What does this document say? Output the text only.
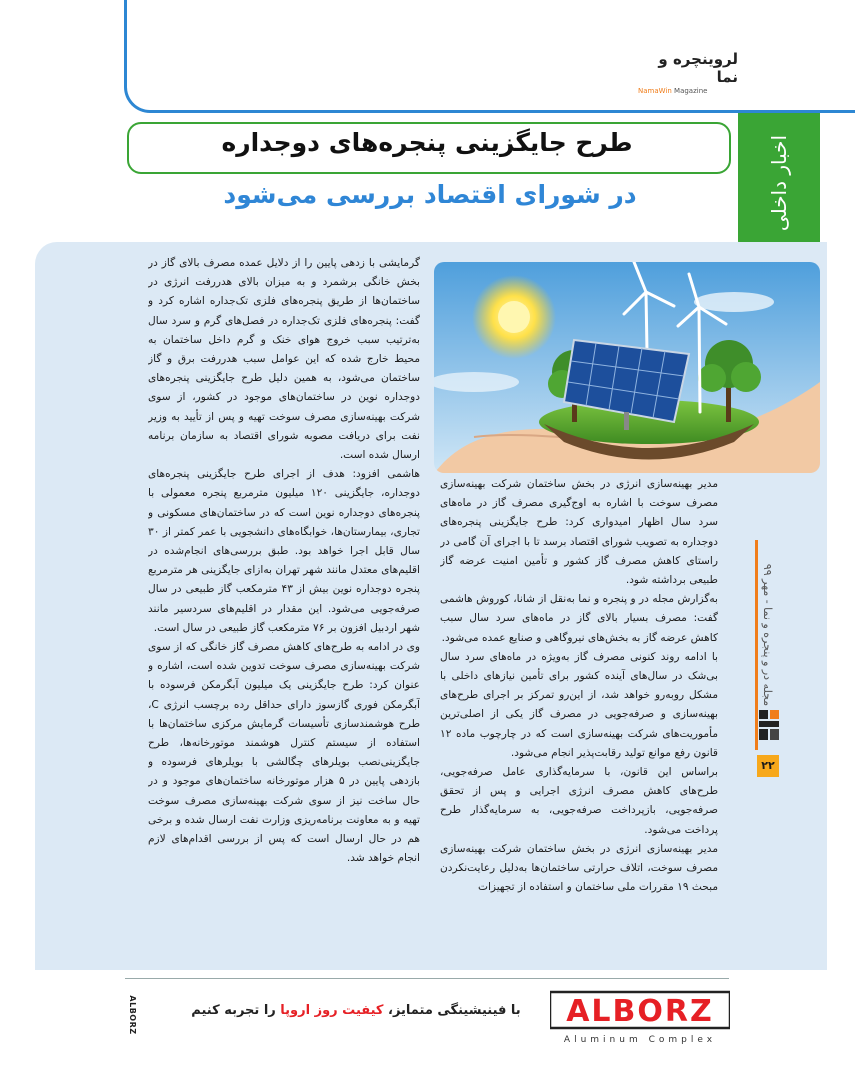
لروینچره و نما
NamaWin Magazine
اخبار داخلی
طرح جایگزینی پنجره‌های دوجداره
در شورای اقتصاد بررسی می‌شود

گرمایشی با زدهی پایین را از دلایل عمده مصرف بالای گاز در بخش خانگی برشمرد و به میزان بالای هدررفت انرژی در ساختمان‌ها از طریق پنجره‌های فلزی تک‌جداره اشاره کرد و گفت: پنجره‌های فلزی تک‌جداره در فصل‌های گرم و سرد سال به‌ترتیب سبب خروج هوای خنک و گرم داخل ساختمان به محیط خارج شده که این عوامل سبب هدررفت برق و گاز ساختمان می‌شود، به همین دلیل طرح جایگزینی پنجره‌های دوجداره نوین در ساختمان‌های موجود در کشور، از سوی شرکت بهینه‌سازی مصرف سوخت تهیه و پس از تأیید به وزیر نفت برای دریافت مصوبه شورای اقتصاد به سازمان برنامه ارسال شده است.

هاشمی افزود: هدف از اجرای طرح جایگزینی پنجره‌های دوجداره، جایگزینی ۱۲۰ میلیون مترمربع پنجره معمولی با پنجره‌های دوجداره نوین است که در ساختمان‌های مسکونی و تجاری، بیمارستان‌ها، خوابگاه‌های دانشجویی با عمر کمتر از ۳۰ سال قابل اجرا خواهد بود. طبق بررسی‌های انجام‌شده در اقلیم‌های معتدل مانند شهر تهران به‌ازای جایگزینی هر مترمربع پنجره دوجداره نوین بیش از ۴۳ مترمکعب گاز طبیعی در سال صرفه‌جویی می‌شود. این مقدار در اقلیم‌های سردسیر مانند شهر اردبیل افزون بر ۷۶ مترمکعب گاز طبیعی در سال است.

وی در ادامه به طرح‌های کاهش مصرف گاز خانگی که از سوی شرکت بهینه‌سازی مصرف سوخت تدوین شده است، اشاره و عنوان کرد: طرح جایگزینی یک میلیون آبگرمکن فرسوده با آبگرمکن فوری گازسوز دارای حداقل رده برچسب انرژی C، طرح هوشمندسازی تأسیسات گرمایش مرکزی ساختمان‌ها با استفاده از سیستم کنترل هوشمند موتورخانه‌ها، طرح جایگزینی‌نصب بویلرهای چگالشی با بویلرهای فرسوده و بازدهی پایین در ۵ هزار موتورخانه ساختمان‌های موجود و در حال ساخت نیز از سوی شرکت بهینه‌سازی مصرف سوخت تهیه و به معاونت برنامه‌ریزی وزارت نفت ارسال شده و برخی هم در حال ارسال است که پس از بررسی اقدام‌های لازم انجام خواهد شد.

مدیر بهینه‌سازی انرژی در بخش ساختمان شرکت بهینه‌سازی مصرف سوخت با اشاره به اوج‌گیری مصرف گاز در ماه‌های سرد سال اظهار امیدواری کرد: طرح جایگزینی پنجره‌های دوجداره به تصویب شورای اقتصاد برسد تا با اجرای آن گامی در راستای کاهش مصرف گاز کشور و تأمین امنیت عرضه گاز طبیعی برداشته شود.

به‌گزارش مجله در و پنجره و نما به‌نقل از شانا، کوروش هاشمی گفت: مصرف بسیار بالای گاز در ماه‌های سرد سال سبب کاهش عرضه گاز به بخش‌های نیروگاهی و صنایع عمده می‌شود.

با ادامه روند کنونی مصرف گاز به‌ویژه در ماه‌های سرد سال بی‌شک در سال‌های آینده کشور برای تأمین نیازهای داخلی با مشکل روبه‌رو خواهد شد، از این‌رو تمرکز بر اجرای طرح‌های بهینه‌سازی و صرفه‌جویی در مصرف گاز یکی از اصلی‌ترین مأموریت‌های شرکت بهینه‌سازی است که در چارچوب ماده ۱۲ قانون رفع موانع تولید رقابت‌پذیر انجام می‌شود.

براساس این قانون، با سرمایه‌گذاری عامل صرفه‌جویی، طرح‌های کاهش مصرف انرژی اجرایی و پس از تحقق صرفه‌جویی، بازپرداخت صرفه‌جویی، به سرمایه‌گذار طرح پرداخت می‌شود.

مدیر بهینه‌سازی انرژی در بخش ساختمان شرکت بهینه‌سازی مصرف سوخت، اتلاف حرارتی ساختمان‌ها به‌دلیل رعایت‌نکردن مبحث ۱۹ مقررات ملی ساختمان و استفاده از تجهیزات

مجله در و پنجره و نما - مهر ۹۹
۲۲
ALBORZ	با فینیشینگی متمایز، کیفیت روز اروپا را تجربه کنیم	ALBORZ
Aluminum Complex
